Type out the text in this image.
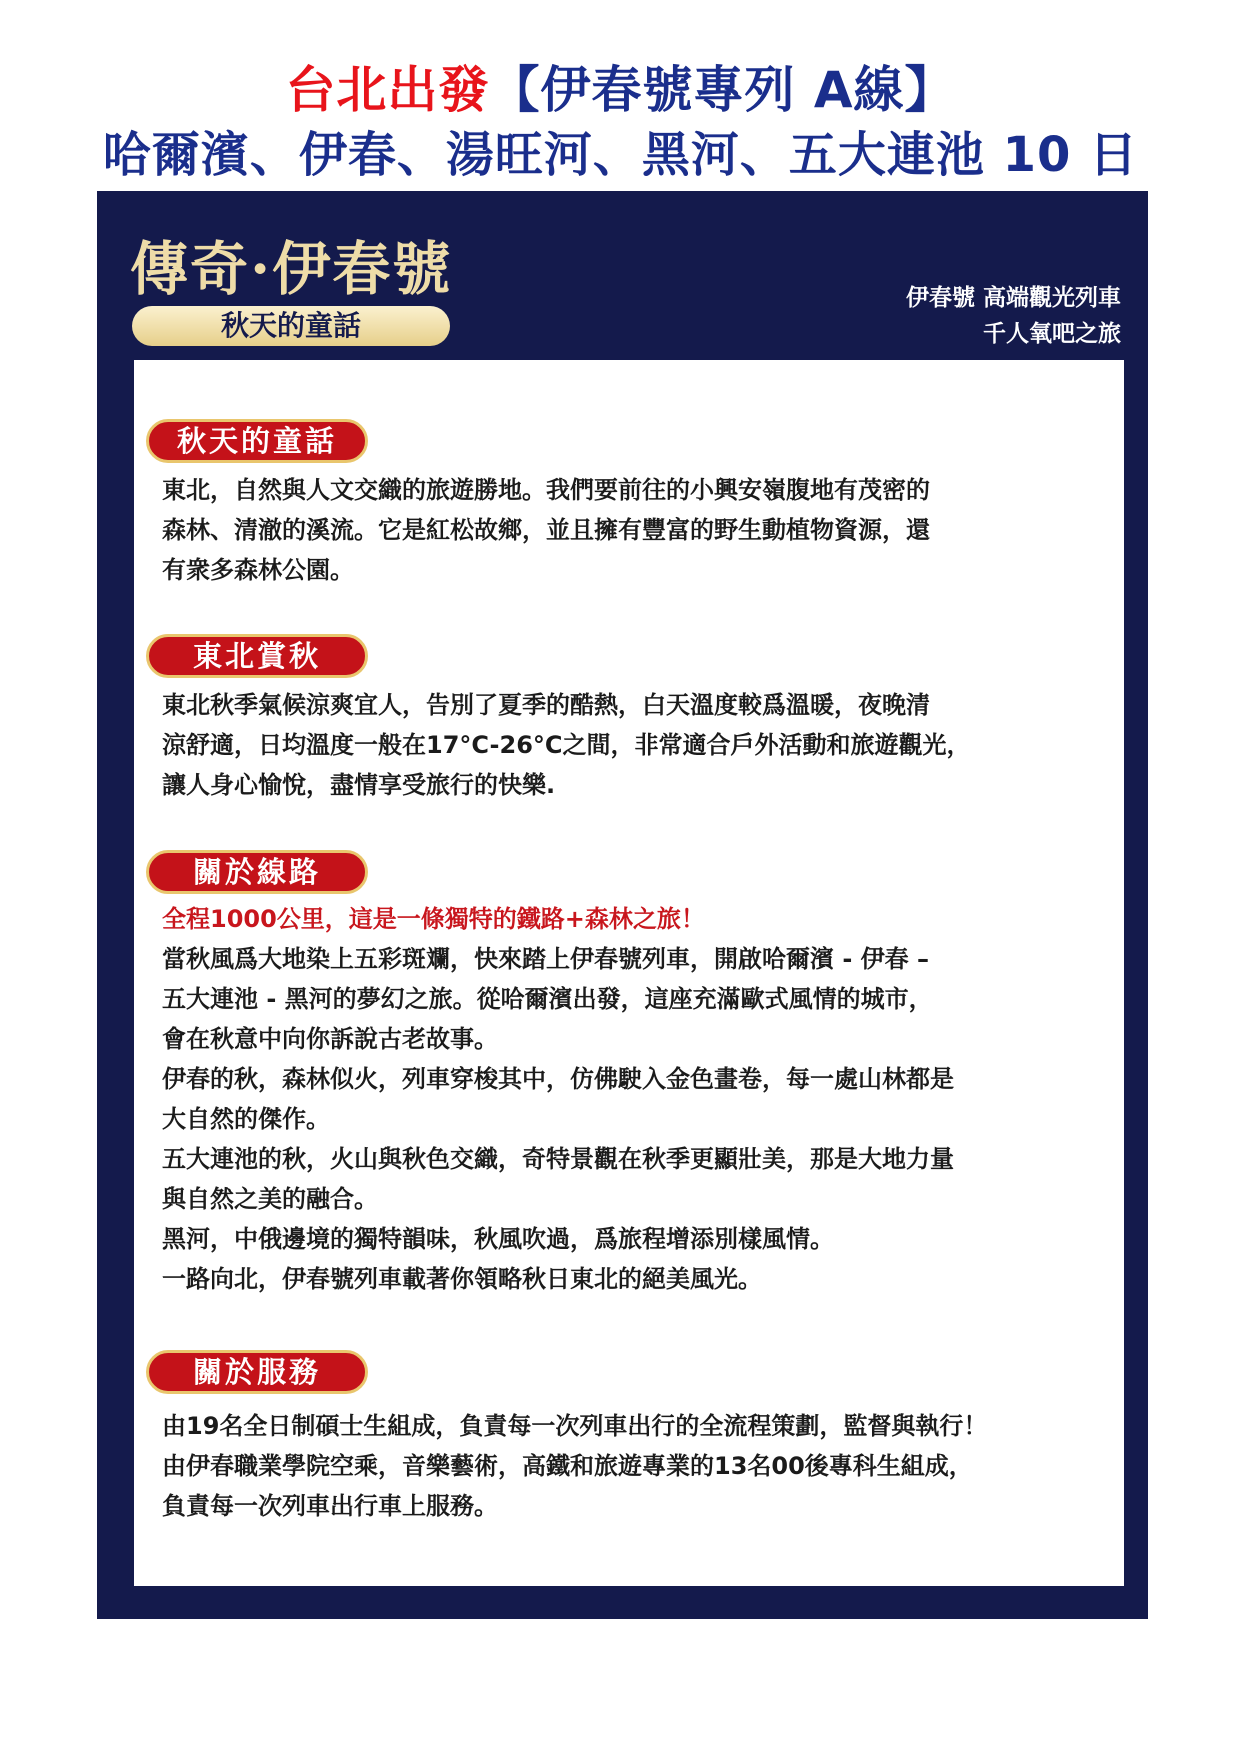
台北出發【伊春號專列 A線】
哈爾濱、伊春、湯旺河、黑河、五大連池 10 日
傳奇·伊春號
秋天的童話
伊春號 高端觀光列車
千人氧吧之旅
秋天的童話

東北，自然與人文交織的旅遊勝地。我們要前往的小興安嶺腹地有茂密的

森林、清澈的溪流。它是紅松故鄉，並且擁有豐富的野生動植物資源，還

有衆多森林公園。

東北賞秋

東北秋季氣候涼爽宜人，告別了夏季的酷熱，白天溫度較爲溫暖，夜晚清

涼舒適，日均溫度一般在17°C-26°C之間，非常適合戶外活動和旅遊觀光，

讓人身心愉悅，盡情享受旅行的快樂.

關於線路

全程1000公里，這是一條獨特的鐵路+森林之旅！

當秋風爲大地染上五彩斑斕，快來踏上伊春號列車，開啟哈爾濱 - 伊春 –

五大連池 - 黑河的夢幻之旅。從哈爾濱出發，這座充滿歐式風情的城市，

會在秋意中向你訴說古老故事。

伊春的秋，森林似火，列車穿梭其中，仿佛駛入金色畫卷，每一處山林都是

大自然的傑作。

五大連池的秋，火山與秋色交織，奇特景觀在秋季更顯壯美，那是大地力量

與自然之美的融合。

黑河，中俄邊境的獨特韻味，秋風吹過，爲旅程增添別樣風情。

一路向北，伊春號列車載著你領略秋日東北的絕美風光。

關於服務

由19名全日制碩士生組成，負責每一次列車出行的全流程策劃，監督與執行！

由伊春職業學院空乘，音樂藝術，高鐵和旅遊專業的13名00後專科生組成，

負責每一次列車出行車上服務。
